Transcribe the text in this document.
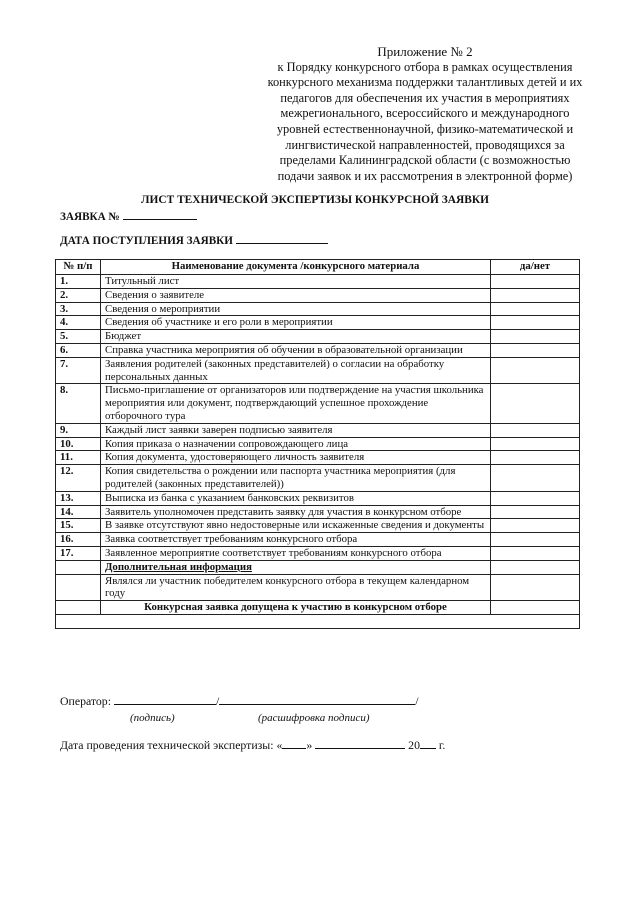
Приложение № 2
к Порядку конкурсного отбора в рамках осуществления
конкурсного механизма поддержки талантливых детей и их
педагогов для обеспечения их участия в мероприятиях
межрегионального, всероссийского и международного
уровней естественнонаучной, физико-математической и
лингвистической направленностей, проводящихся за
пределами Калининградской области (с возможностью
подачи заявок и их рассмотрения в электронной форме)
ЛИСТ ТЕХНИЧЕСКОЙ ЭКСПЕРТИЗЫ КОНКУРСНОЙ ЗАЯВКИ
ЗАЯВКА №
ДАТА ПОСТУПЛЕНИЯ ЗАЯВКИ
№ п/п	Наименование документа /конкурсного материала	да/нет
1.	Титульный лист	
2.	Сведения о заявителе	
3.	Сведения о мероприятии	
4.	Сведения об участнике и его роли в мероприятии	
5.	Бюджет	
6.	Справка участника мероприятия об обучении в образовательной организации	
7.	Заявления родителей (законных представителей) о согласии на обработку персональных данных	
8.	Письмо-приглашение от организаторов или подтверждение на участия школьника мероприятия или документ, подтверждающий успешное прохождение отборочного тура	
9.	Каждый лист заявки заверен подписью заявителя	
10.	Копия приказа о назначении сопровождающего лица	
11.	Копия документа, удостоверяющего личность заявителя	
12.	Копия свидетельства о рождении или паспорта участника мероприятия (для родителей (законных представителей))	
13.	Выписка из банка с указанием банковских реквизитов	
14.	Заявитель уполномочен представить заявку для участия в конкурсном отборе	
15.	В заявке отсутствуют явно недостоверные или искаженные сведения и документы	
16.	Заявка соответствует требованиям конкурсного отбора	
17.	Заявленное мероприятие соответствует требованиям конкурсного отбора	
	Дополнительная информация	
	Являлся ли участник победителем конкурсного отбора в текущем календарном году	
	Конкурсная заявка допущена к участию в конкурсном отборе	

Оператор:	/	/
(подпись)	(расшифровка подписи)
Дата проведения технической экспертизы: « »	20 г.
